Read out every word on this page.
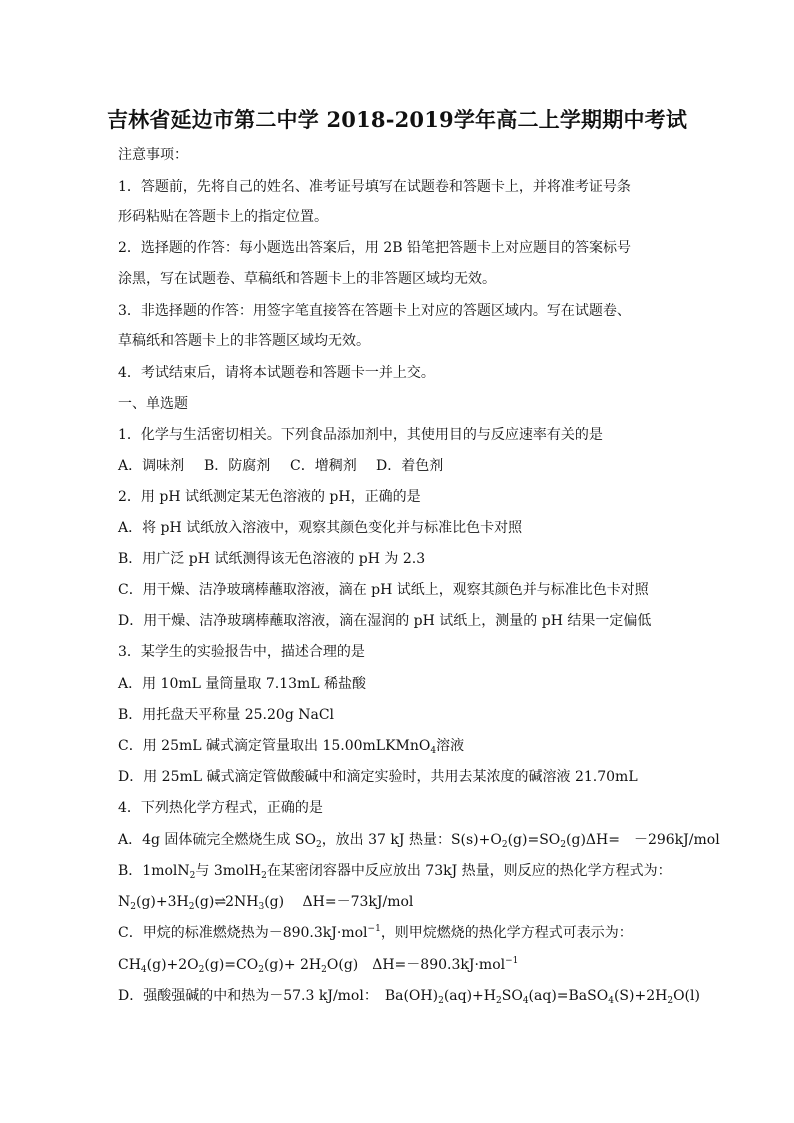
吉林省延边市第二中学 2018-2019学年高二上学期期中考试
注意事项：
1．答题前，先将自己的姓名、准考证号填写在试题卷和答题卡上，并将准考证号条
形码粘贴在答题卡上的指定位置。
2．选择题的作答：每小题选出答案后，用 2B 铅笔把答题卡上对应题目的答案标号
涂黑，写在试题卷、草稿纸和答题卡上的非答题区域均无效。
3．非选择题的作答：用签字笔直接答在答题卡上对应的答题区域内。写在试题卷、
草稿纸和答题卡上的非答题区域均无效。
4．考试结束后，请将本试题卷和答题卡一并上交。
一、单选题
1．化学与生活密切相关。下列食品添加剂中，其使用目的与反应速率有关的是
A．调味剂 B．防腐剂 C．增稠剂 D．着色剂
2．用 pH 试纸测定某无色溶液的 pH，正确的是
A．将 pH 试纸放入溶液中，观察其颜色变化并与标准比色卡对照
B．用广泛 pH 试纸测得该无色溶液的 pH 为 2.3
C．用干燥、洁净玻璃棒蘸取溶液，滴在 pH 试纸上，观察其颜色并与标准比色卡对照
D．用干燥、洁净玻璃棒蘸取溶液，滴在湿润的 pH 试纸上，测量的 pH 结果一定偏低
3．某学生的实验报告中，描述合理的是
A．用 10mL 量筒量取 7.13mL 稀盐酸
B．用托盘天平称量 25.20g NaCl
C．用 25mL 碱式滴定管量取出 15.00mLKMnO$_4$溶液
D．用 25mL 碱式滴定管做酸碱中和滴定实验时，共用去某浓度的碱溶液 21.70mL
4．下列热化学方程式，正确的是
A．4g 固体硫完全燃烧生成 $SO_2$，放出 37 kJ 热量：$S(s)+O_2(g)=SO_2(g)\Delta H=$　－296kJ/mol
B．1molN$_2$与 3molH$_2$在某密闭容器中反应放出 73kJ 热量，则反应的热化学方程式为：
$N_2(g)+3H_2(g)\rightleftharpoons 2NH_3(g)$　 ΔH=－73kJ/mol
C．甲烷的标准燃烧热为－890.3kJ·mol$^{-1}$，则甲烷燃烧的热化学方程式可表示为：
$CH_4(g)+2O_2(g)=CO_2(g)+ 2H_2O(g)$　ΔH=－890.3kJ·mol$^{-1}$
D．强酸强碱的中和热为－57.3 kJ/mol：　$Ba(OH)_2(aq)+H_2SO_4(aq)=BaSO_4(S)+2H_2O(l)$
